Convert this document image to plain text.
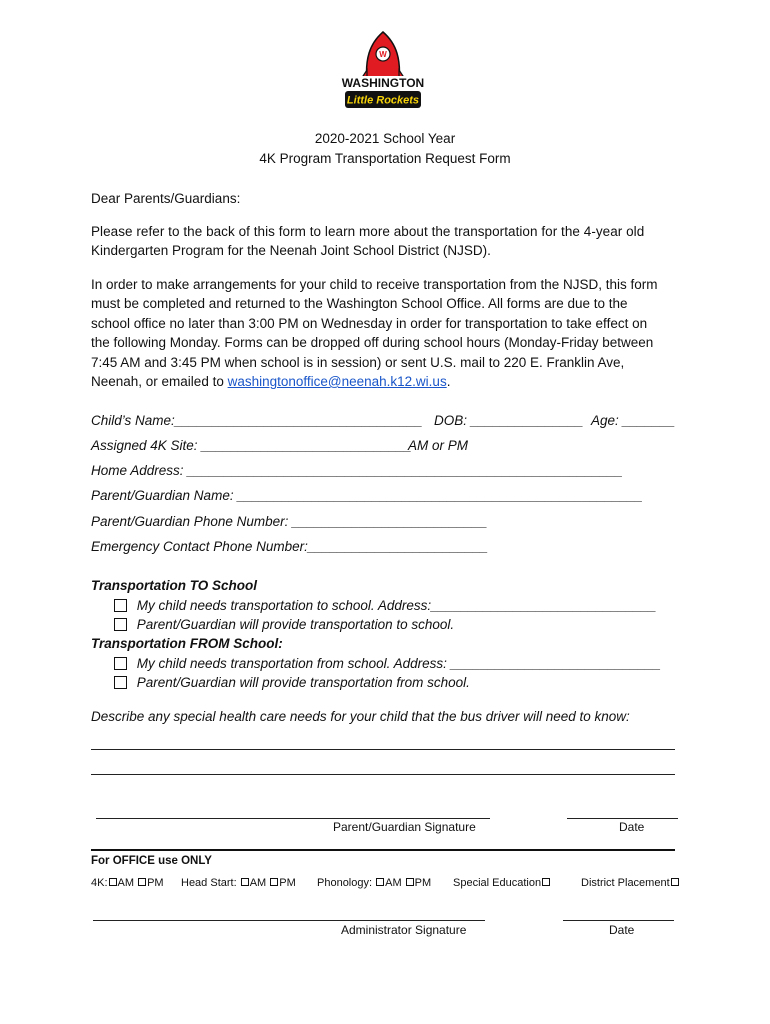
W
WASHINGTON
Little Rockets
2020-2021 School Year
4K Program Transportation Request Form
Dear Parents/Guardians:
Please refer to the back of this form to learn more about the transportation for the 4-year old
Kindergarten Program for the Neenah Joint School District (NJSD).
In order to make arrangements for your child to receive transportation from the NJSD, this form
must be completed and returned to the Washington School Office. All forms are due to the
school office no later than 3:00 PM on Wednesday in order for transportation to take effect on
the following Monday. Forms can be dropped off during school hours (Monday-Friday between
7:45 AM and 3:45 PM when school is in session) or sent U.S. mail to 220 E. Franklin Ave,
Neenah, or emailed to washingtonoffice@neenah.k12.wi.us.
Child’s Name:_________________________________ DOB: _______________ Age: _______
Assigned 4K Site: ____________________________
AM or PM
Home Address: __________________________________________________________
Parent/Guardian Name: ______________________________________________________
Parent/Guardian Phone Number: __________________________
Emergency Contact Phone Number:________________________
Transportation TO School
My child needs transportation to school. Address:______________________________
Parent/Guardian will provide transportation to school.
Transportation FROM School:
My child needs transportation from school. Address: ____________________________
Parent/Guardian will provide transportation from school.
Describe any special health care needs for your child that the bus driver will need to know:
Parent/Guardian Signature	Date
For OFFICE use ONLY
4K: AM PM Head Start: AM PM Phonology: AM PM Special Education	District Placement
Administrator Signature	Date
